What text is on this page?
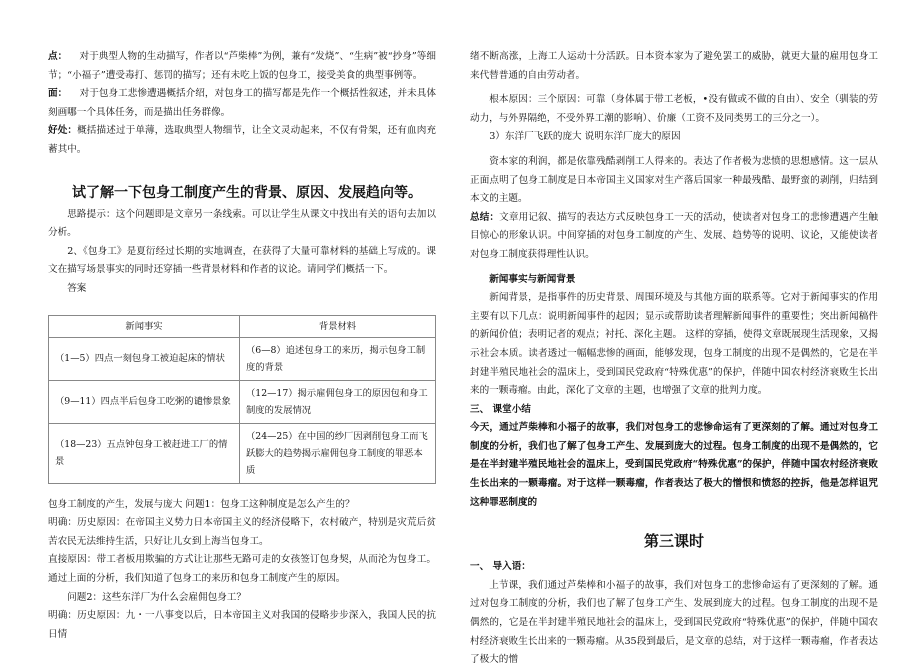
点： 对于典型人物的生动描写，作者以“芦柴棒”为例，兼有“发烧”、“生病”被“抄身”等细节；“小福子”遭受毒打、惩罚的描写；还有未吃上饭的包身工，接受美食的典型事例等。

面： 对于包身工悲惨遭遇概括介绍，对包身工的描写都是先作一个概括性叙述，并未具体刻画哪一个具体任务，而是描出任务群像。

好处：概括描述过于单薄，选取典型人物细节，让全文灵动起来，不仅有骨架，还有血肉充蓄其中。

试了解一下包身工制度产生的背景、原因、发展趋向等。

思路提示：这个问题即是文章另一条线索。可以让学生从课文中找出有关的语句去加以分析。

2、《包身工》是夏衍经过长期的实地调查，在获得了大量可靠材料的基础上写成的。课文在描写场景事实的同时还穿插一些背景材料和作者的议论。请同学们概括一下。

答案

新闻事实	背景材料
（1—5）四点一刻包身工被迫起床的情状	（6—8）追述包身工的来历，揭示包身工制度的背景
（9—11）四点半后包身工吃粥的谴惨景象	（12—17）揭示雇佣包身工的原因包和身工制度的发展情况
（18—23）五点钟包身工被赶进工厂的情景	（24—25）在中国的纱厂因剥削包身工而飞跃膨大的趋势揭示雇佣包身工制度的罪恶本质

包身工制度的产生，发展与庞大 问题1：包身工这种制度是怎么产生的？

明确：历史原因：在帝国主义势力日本帝国主义的经济侵略下，农村破产，特别是灾荒后贫苦农民无法维持生活，只好让儿女到上海当包身工。

直接原因：带工者板用欺骗的方式让让那些无路可走的女孩签订包身契，从而沦为包身工。通过上面的分析，我们知道了包身工的来历和包身工制度产生的原因。

问题2：这些东洋厂为什么会雇佣包身工？

明确：历史原因：九・一八事变以后，日本帝国主义对我国的侵略步步深入，我国人民的抗日情

绪不断高涨，上海工人运动十分活跃。日本资本家为了避免罢工的威胁，就更大量的雇用包身工来代替普通的自由劳动者。

根本原因：三个原因：可靠（身体属于带工老板，•没有做或不做的自由）、安全（驯装的劳动力，与外界隔绝，不受外界工潮的影响）、价廉（工资不及同类男工的三分之一）。

3）东洋厂飞跃的庞大 说明东洋厂庞大的原因

资本家的利润，都是依靠残酷剥削工人得来的。表达了作者极为悲愤的思想感情。这一层从正面点明了包身工制度是日本帝国主义国家对生产落后国家一种最残酷、最野蛮的剥削，归结到本文的主题。

总结：文章用记叙、描写的表达方式反映包身工一天的活动，使读者对包身工的悲惨遭遇产生触目惊心的形象认识。中间穿插的对包身工制度的产生、发展、趋势等的说明、议论，又能使读者对包身工制度获得理性认识。

新闻事实与新闻背景

新闻背景，是指事件的历史背景、周围环境及与其他方面的联系等。它对于新闻事实的作用主要有以下几点：说明新闻事件的起因；显示或帮助读者理解新闻事件的重要性；突出新闻稿件的新闻价值；表明记者的观点；衬托、深化主题。 这样的穿插，使得文章既展现生活现象，又揭示社会本质。读者透过一幅幅悲惨的画面，能够发现，包身工制度的出现不是偶然的，它是在半封建半殖民地社会的温床上，受到国民党政府“特殊优惠”的保护，伴随中国农村经济衰败生长出来的一颗毒瘤。由此，深化了文章的主题，也增强了文章的批判力度。

三、 课堂小结

今天，通过芦柴棒和小福子的故事，我们对包身工的悲惨命运有了更深刻的了解。通过对包身工制度的分析，我们也了解了包身工产生、发展到庞大的过程。包身工制度的出现不是偶然的，它是在半封建半殖民地社会的温床上，受到国民党政府“特殊优惠”的保护，伴随中国农村经济衰败生长出来的一颗毒瘤。对于这样一颗毒瘤，作者表达了极大的憎恨和愤怒的控拆，他是怎样诅咒这种罪恶制度的

第三课时

一、 导入语：

上节课，我们通过芦柴棒和小福子的故事，我们对包身工的悲惨命运有了更深刻的了解。通过对包身工制度的分析，我们也了解了包身工产生、发展到庞大的过程。包身工制度的出现不是偶然的，它是在半封建半殖民地社会的温床上，受到国民党政府“特殊优惠”的保护，伴随中国农村经济衰败生长出来的一颗毒瘤。从35段到最后，是文章的总结，对于这样一颗毒瘤，作者表达了极大的憎
